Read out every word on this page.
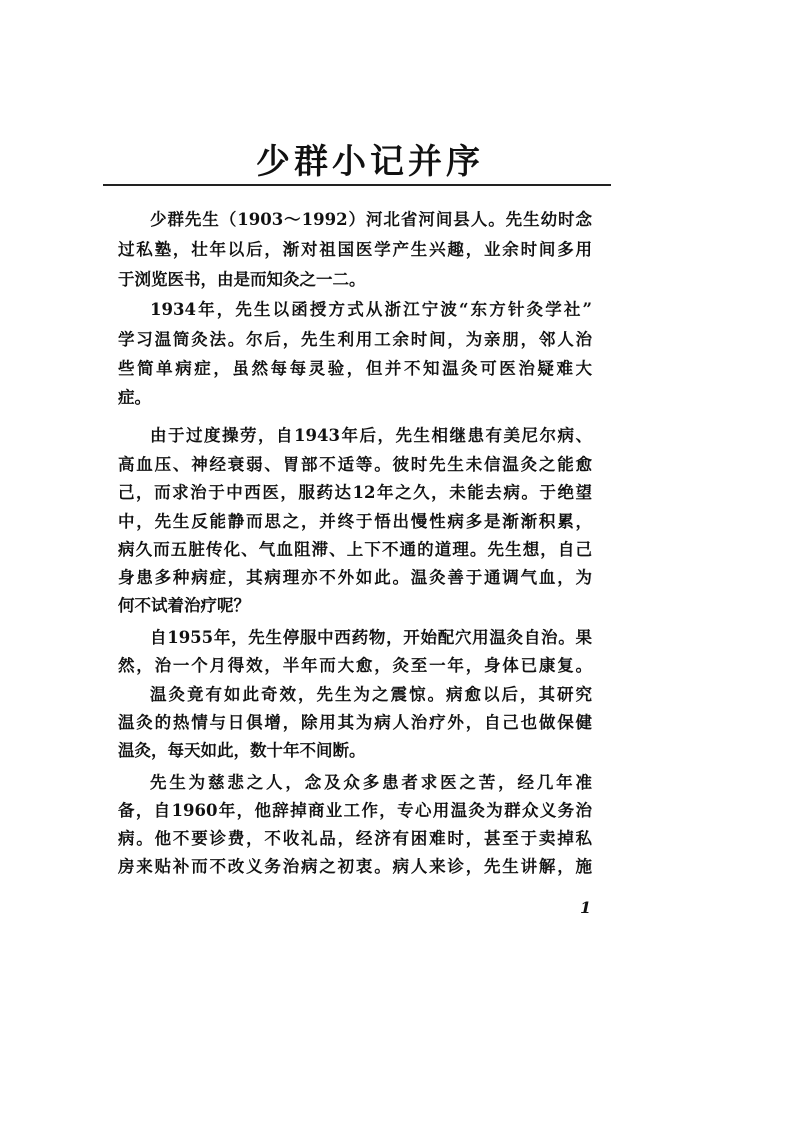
少群小记并序
少群先生（1903～1992）河北省河间县人。先生幼时念
过私塾，壮年以后，渐对祖国医学产生兴趣，业余时间多用
于浏览医书，由是而知灸之一二。
1934年，先生以函授方式从浙江宁波“东方针灸学社”
学习温筒灸法。尔后，先生利用工余时间，为亲朋，邻人治
些简单病症，虽然每每灵验，但并不知温灸可医治疑难大
症。
由于过度操劳，自1943年后，先生相继患有美尼尔病、
高血压、神经衰弱、胃部不适等。彼时先生未信温灸之能愈
己，而求治于中西医，服药达12年之久，未能去病。于绝望
中，先生反能静而思之，并终于悟出慢性病多是渐渐积累，
病久而五脏传化、气血阻滞、上下不通的道理。先生想，自己
身患多种病症，其病理亦不外如此。温灸善于通调气血，为
何不试着治疗呢？
自1955年，先生停服中西药物，开始配穴用温灸自治。果
然，治一个月得效，半年而大愈，灸至一年，身体已康复。
温灸竟有如此奇效，先生为之震惊。病愈以后，其研究
温灸的热情与日俱增，除用其为病人治疗外，自己也做保健
温灸，每天如此，数十年不间断。
先生为慈悲之人，念及众多患者求医之苦，经几年准
备，自1960年，他辞掉商业工作，专心用温灸为群众义务治
病。他不要诊费，不收礼品，经济有困难时，甚至于卖掉私
房来贴补而不改义务治病之初衷。病人来诊，先生讲解，施
1
